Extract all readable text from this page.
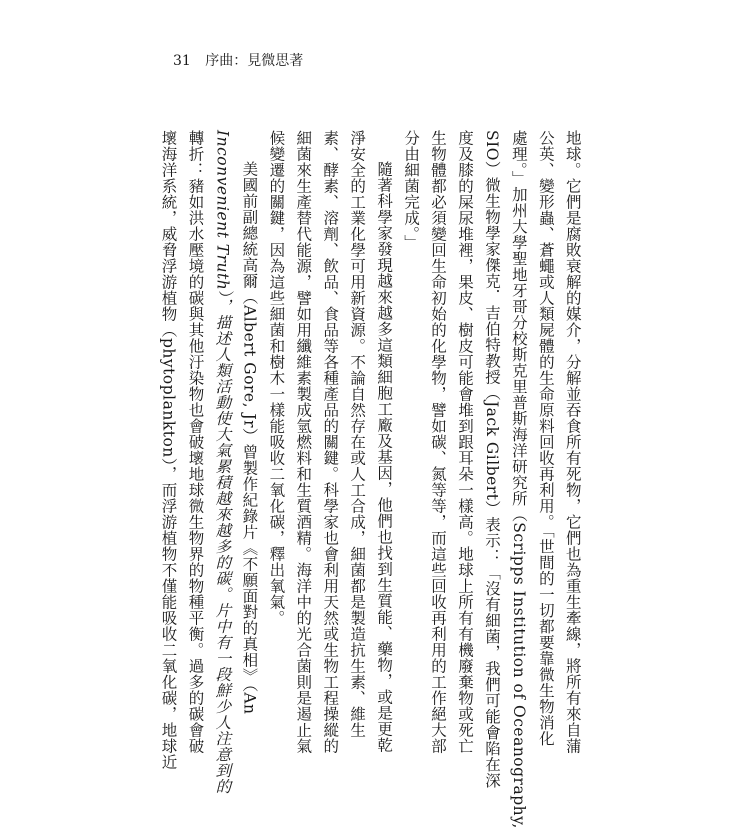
31 序曲：見微思著
地球。它們是腐敗衰解的媒介，分解並吞食所有死物，它們也為重生牽線，將所有來自蒲
公英、變形蟲、蒼蠅或人類屍體的生命原料回收再利用。「世間的一切都要靠微生物消化
處理。」加州大學聖地牙哥分校斯克里普斯海洋研究所（Scripps Institution of Oceanography,
SIO）微生物學家傑克．吉伯特教授（Jack Gilbert）表示：「沒有細菌，我們可能會陷在深
度及膝的屎尿堆裡，果皮、樹皮可能會堆到跟耳朵一樣高。地球上所有有機廢棄物或死亡
生物體都必須變回生命初始的化學物，譬如碳、氮等等，而這些回收再利用的工作絕大部
分由細菌完成。」
隨著科學家發現越來越多這類細胞工廠及基因，他們也找到生質能、藥物，或是更乾
淨安全的工業化學可用新資源。不論自然存在或人工合成，細菌都是製造抗生素、維生
素、酵素、溶劑、飲品、食品等各種產品的關鍵。科學家也會利用天然或生物工程操縱的
細菌來生產替代能源，譬如用纖維素製成氫燃料和生質酒精。海洋中的光合菌則是遏止氣
候變遷的關鍵，因為這些細菌和樹木一樣能吸收二氧化碳，釋出氧氣。
美國前副總統高爾（Albert Gore, Jr）曾製作紀錄片《不願面對的真相》（An
Inconvenient Truth），描述人類活動使大氣累積越來越多的碳。片中有一段鮮少人注意到的
轉折：豬如洪水壓境的碳與其他汙染物也會破壞地球微生物界的物種平衡。過多的碳會破
壞海洋系統，威脅浮游植物（phytoplankton），而浮游植物不僅能吸收二氧化碳，地球近
